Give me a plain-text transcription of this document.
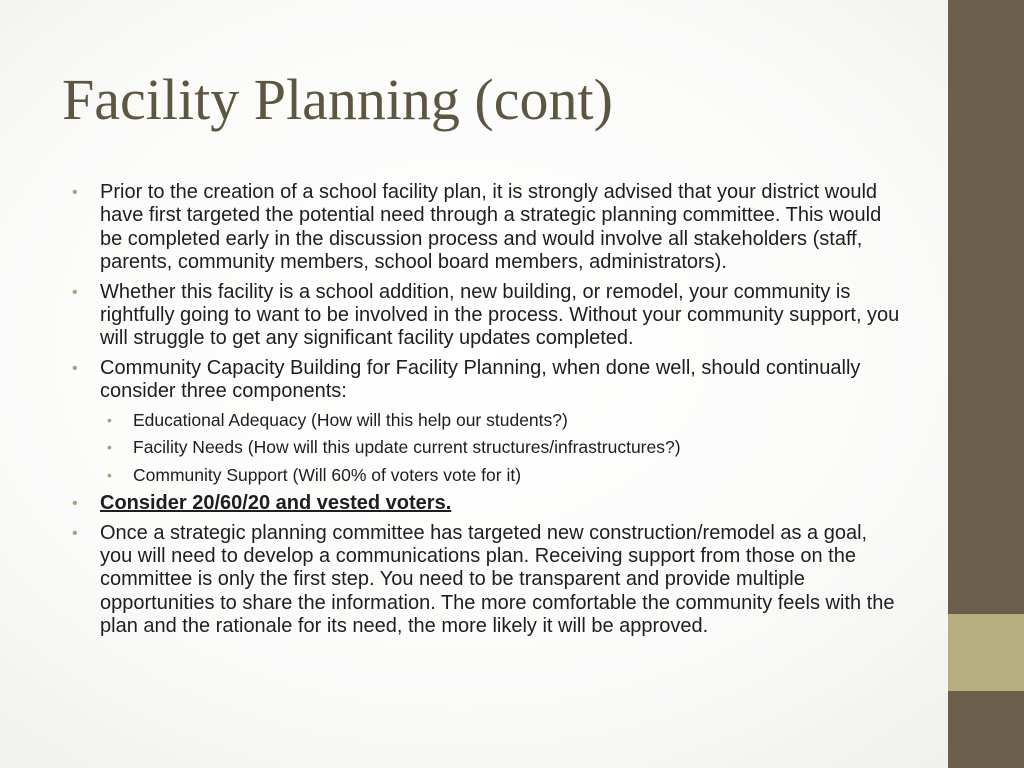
Facility Planning (cont)
• Prior to the creation of a school facility plan, it is strongly advised that your district would have first targeted the potential need through a strategic planning committee. This would be completed early in the discussion process and would involve all stakeholders (staff, parents, community members, school board members, administrators).
• Whether this facility is a school addition, new building, or remodel, your community is rightfully going to want to be involved in the process. Without your community support, you will struggle to get any significant facility updates completed.
• Community Capacity Building for Facility Planning, when done well, should continually consider three components:
• Educational Adequacy (How will this help our students?)
• Facility Needs (How will this update current structures/infrastructures?)
• Community Support (Will 60% of voters vote for it)
• Consider 20/60/20 and vested voters.
• Once a strategic planning committee has targeted new construction/remodel as a goal, you will need to develop a communications plan. Receiving support from those on the committee is only the first step. You need to be transparent and provide multiple opportunities to share the information. The more comfortable the community feels with the plan and the rationale for its need, the more likely it will be approved.
